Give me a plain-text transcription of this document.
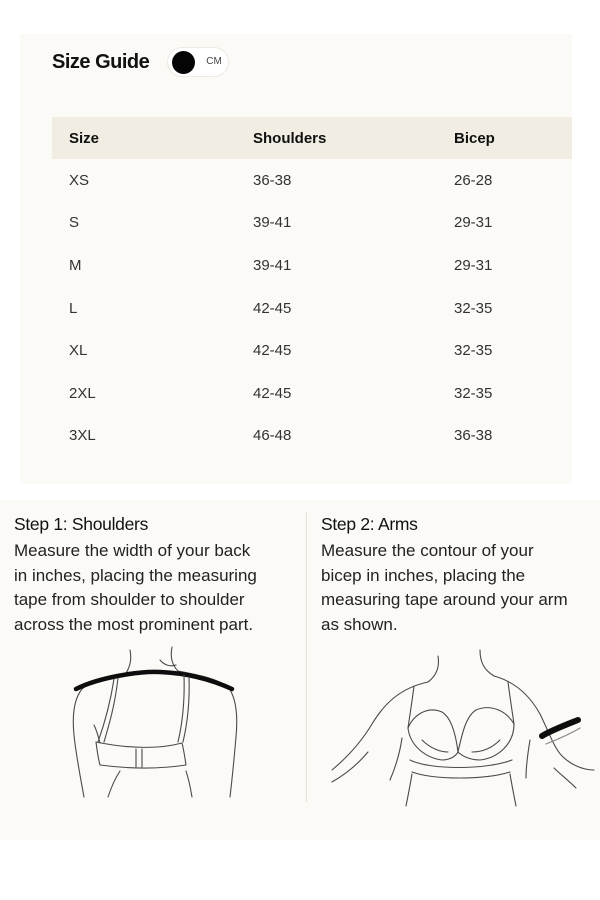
Size Guide	CM
Size	Shoulders	Bicep
XS	36-38	26-28
S	39-41	29-31
M	39-41	29-31
L	42-45	32-35
XL	42-45	32-35
2XL	42-45	32-35
3XL	46-48	36-38
Step 1: Shoulders

Measure the width of your back
in inches, placing the measuring
tape from shoulder to shoulder
across the most prominent part.

Step 2: Arms

Measure the contour of your
bicep in inches, placing the
measuring tape around your arm
as shown.
